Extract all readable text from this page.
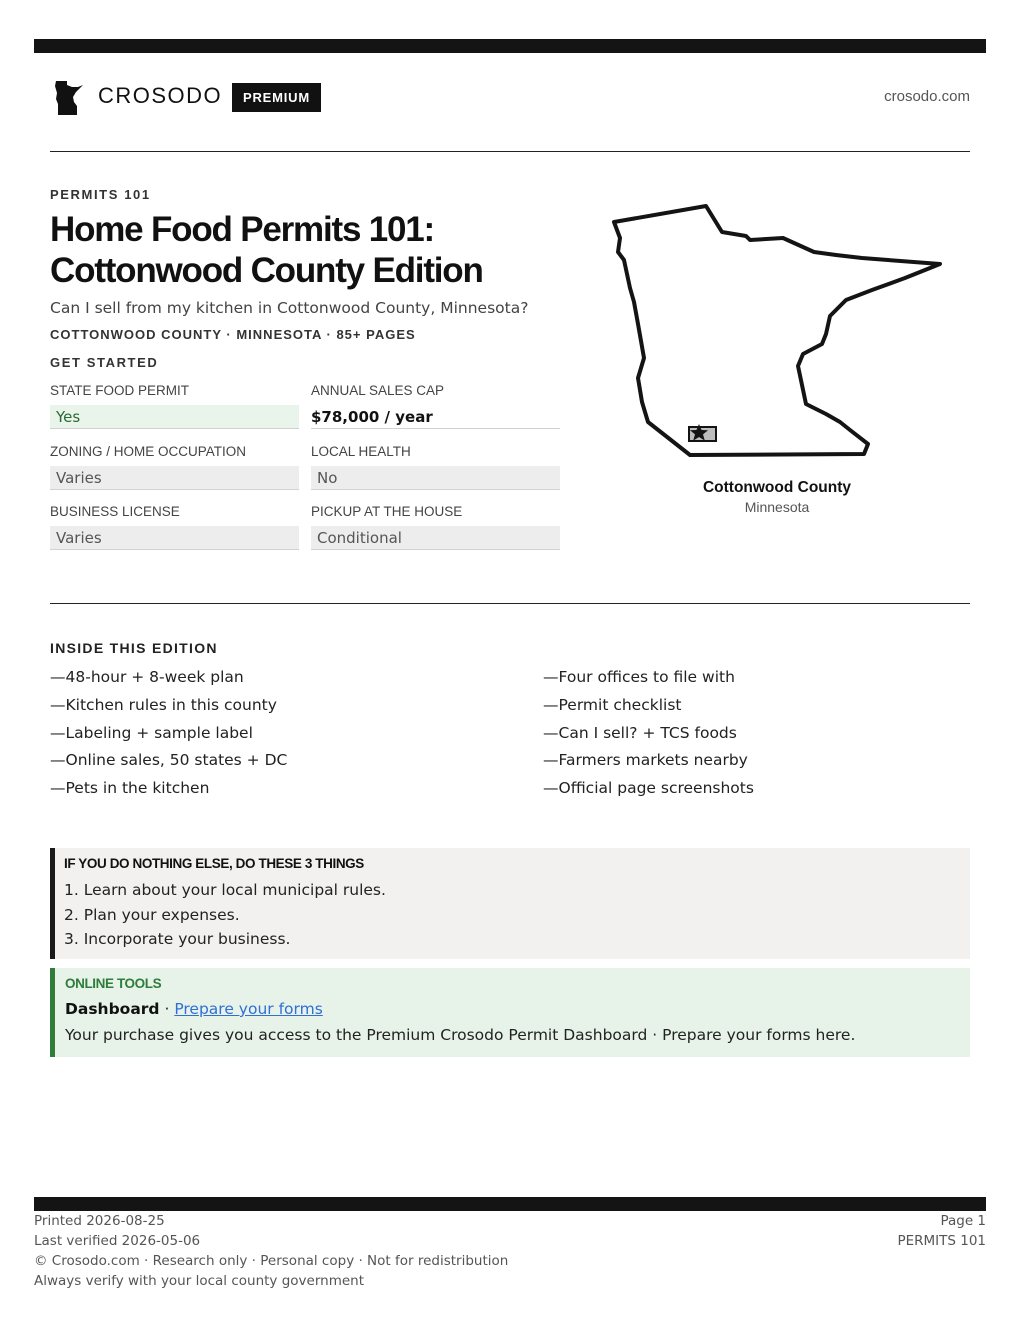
CROSODO	PREMIUM	crosodo.com
PERMITS 101
Home Food Permits 101:
Cottonwood County Edition
Can I sell from my kitchen in Cottonwood County, Minnesota?
COTTONWOOD COUNTY · MINNESOTA · 85+ PAGES
GET STARTED
STATE FOOD PERMIT
Yes
ANNUAL SALES CAP
$78,000 / year
ZONING / HOME OCCUPATION
Varies
LOCAL HEALTH
No
BUSINESS LICENSE
Varies
PICKUP AT THE HOUSE
Conditional
Cottonwood County
Minnesota
INSIDE THIS EDITION
—48-hour + 8-week plan
—Kitchen rules in this county
—Labeling + sample label
—Online sales, 50 states + DC
—Pets in the kitchen
—Four offices to file with
—Permit checklist
—Can I sell? + TCS foods
—Farmers markets nearby
—Official page screenshots
IF YOU DO NOTHING ELSE, DO THESE 3 THINGS
1. Learn about your local municipal rules.
2. Plan your expenses.
3. Incorporate your business.
ONLINE TOOLS
Dashboard · Prepare your forms
Your purchase gives you access to the Premium Crosodo Permit Dashboard · Prepare your forms here.
Printed 2026-08-25
Last verified 2026-05-06
© Crosodo.com · Research only · Personal copy · Not for redistribution
Always verify with your local county government
Page 1
PERMITS 101
